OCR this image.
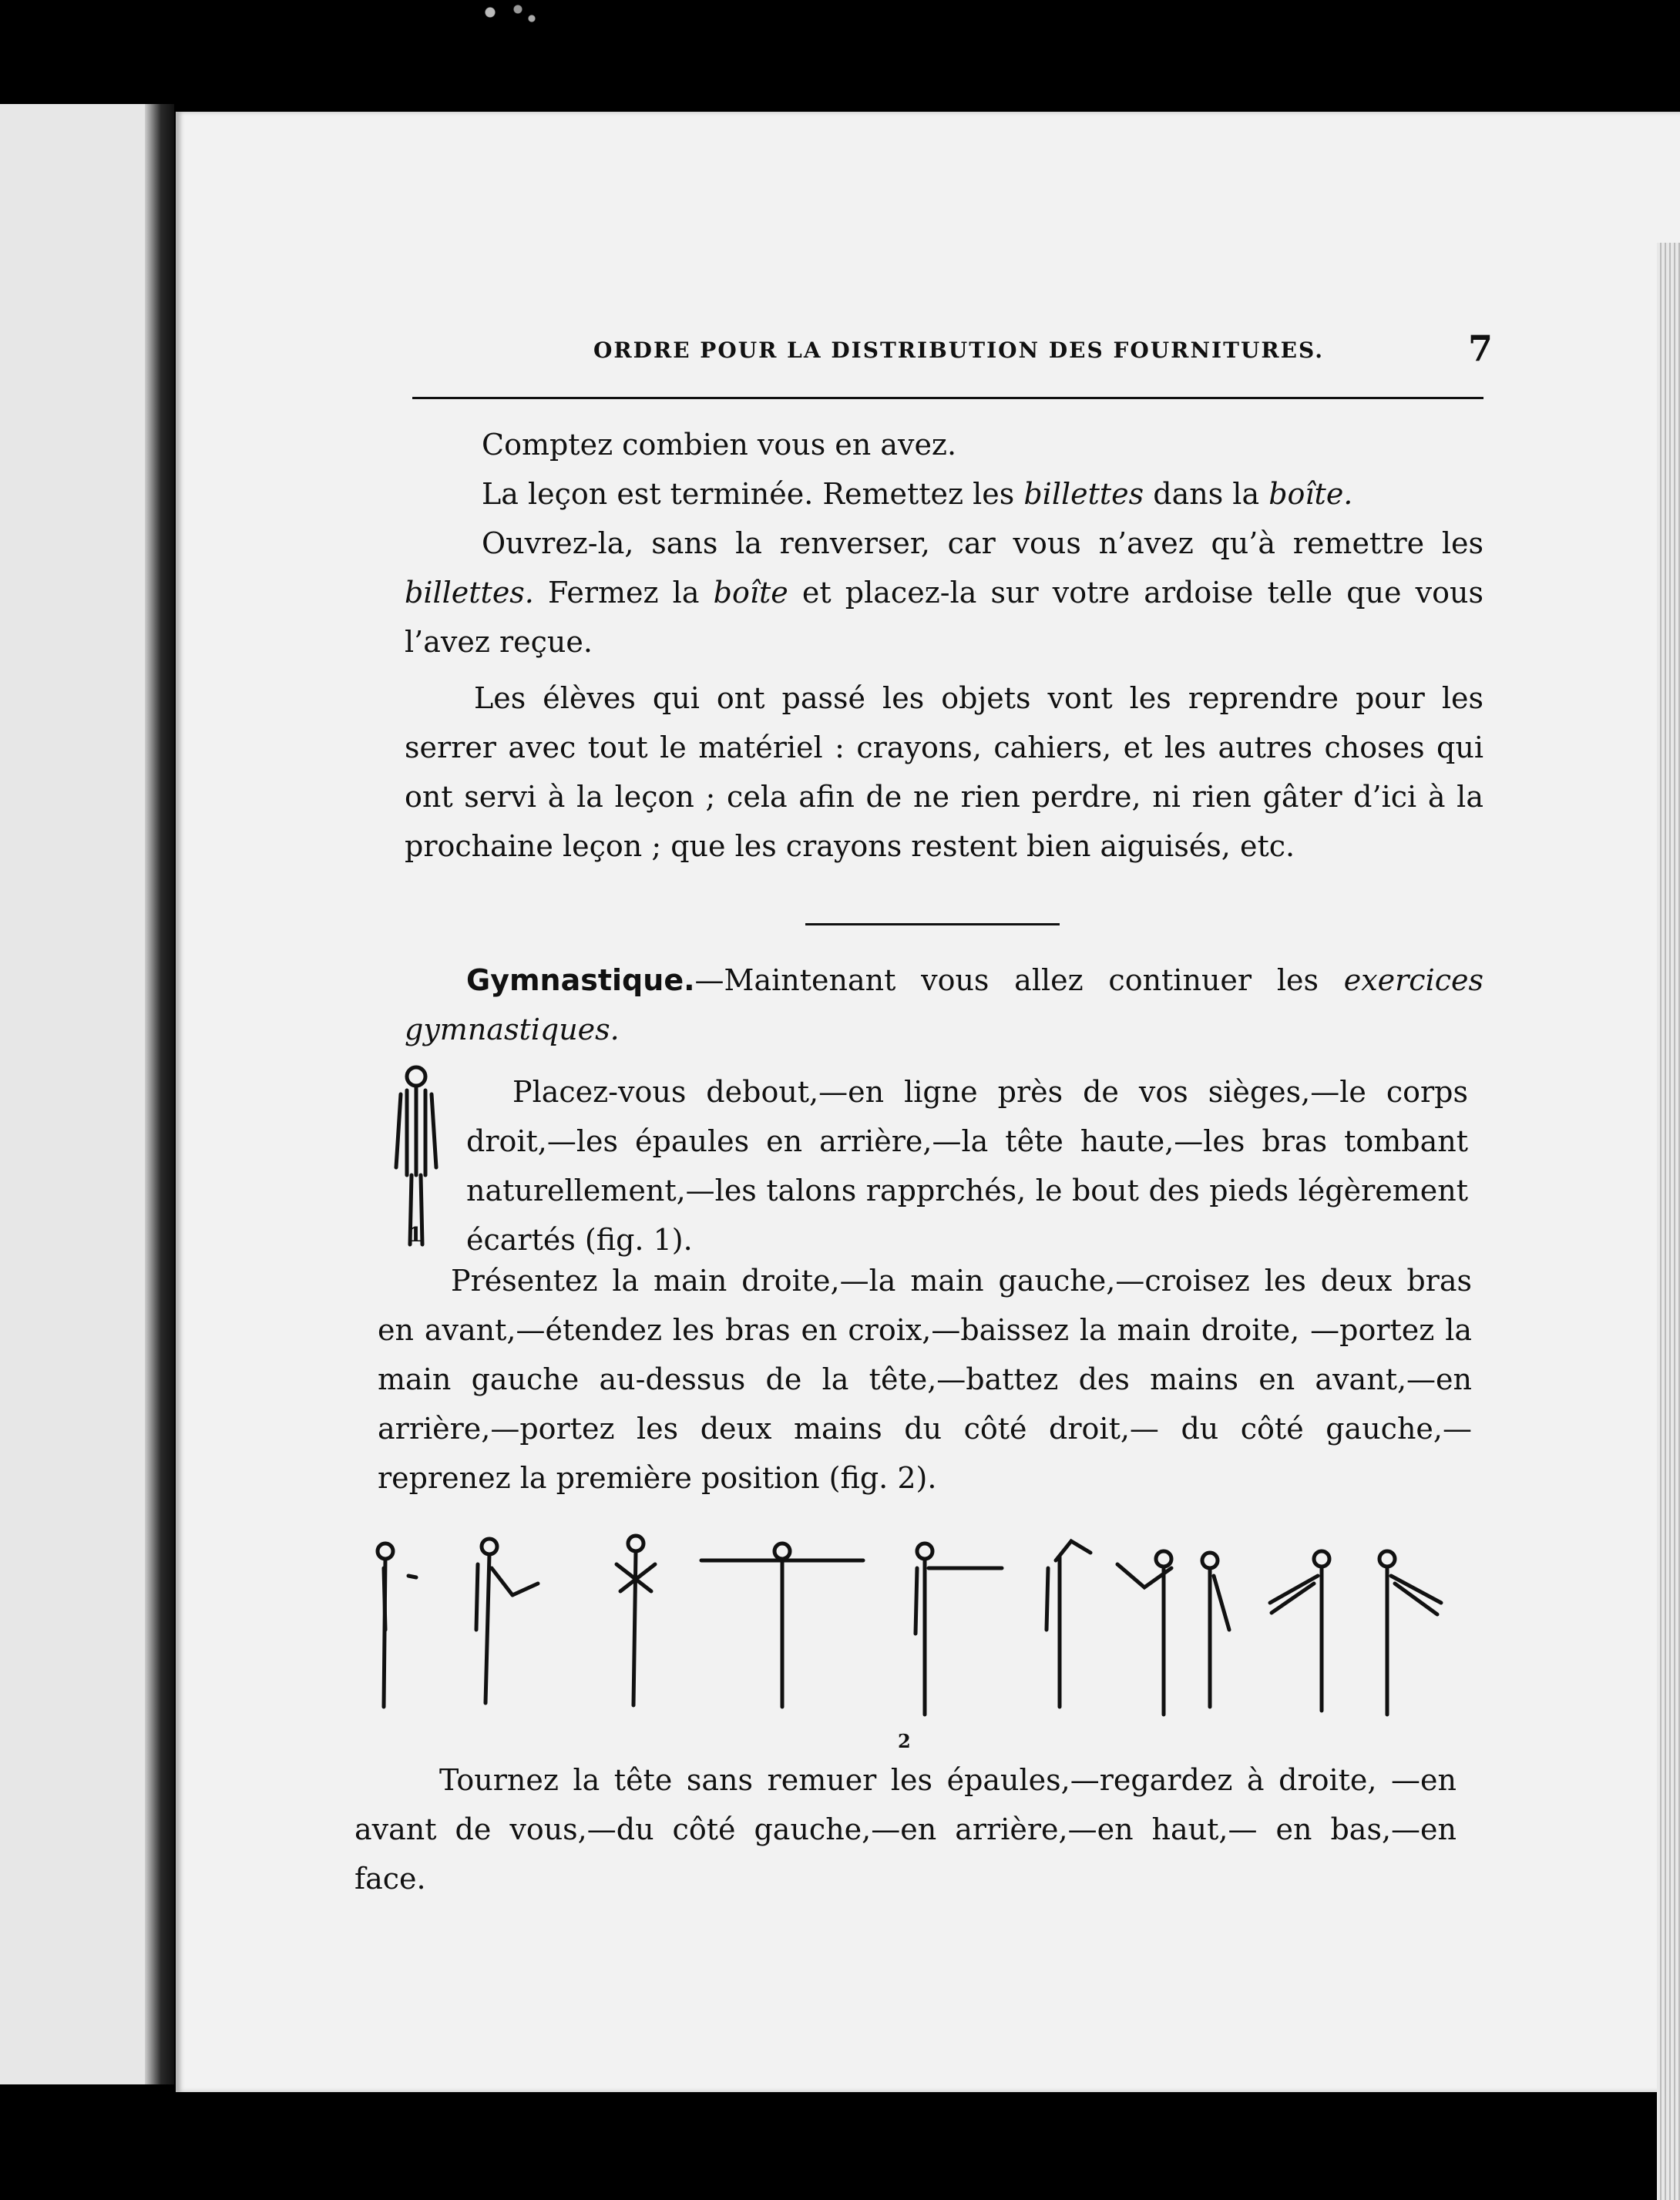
ORDRE POUR LA DISTRIBUTION DES FOURNITURES.	7
Comptez combien vous en avez.
La leçon est terminée. Remettez les billettes dans la boîte.
Ouvrez-la, sans la renverser, car vous n’avez qu’à remettre les billettes. Fermez la boîte et placez-la sur votre ardoise telle que vous l’avez reçue.
Les élèves qui ont passé les objets vont les reprendre pour les serrer avec tout le matériel : crayons, cahiers, et les autres choses qui ont servi à la leçon ; cela afin de ne rien perdre, ni rien gâter d’ici à la prochaine leçon ; que les crayons restent bien aiguisés, etc.
Gymnastique.—Maintenant vous allez continuer les exercices gymnastiques.
1
Placez-vous debout,—en ligne près de vos sièges,—le corps droit,—les épaules en arrière,—la tête haute,—les bras tombant naturellement,—les talons rapprchés, le bout des pieds légèrement écartés (fig. 1).
Présentez la main droite,—la main gauche,—croisez les deux bras en avant,—étendez les bras en croix,—baissez la main droite, —portez la main gauche au-dessus de la tête,—battez des mains en avant,—en arrière,—portez les deux mains du côté droit,— du côté gauche,—reprenez la première position (fig. 2).
2
Tournez la tête sans remuer les épaules,—regardez à droite, —en avant de vous,—du côté gauche,—en arrière,—en haut,— en bas,—en face.
